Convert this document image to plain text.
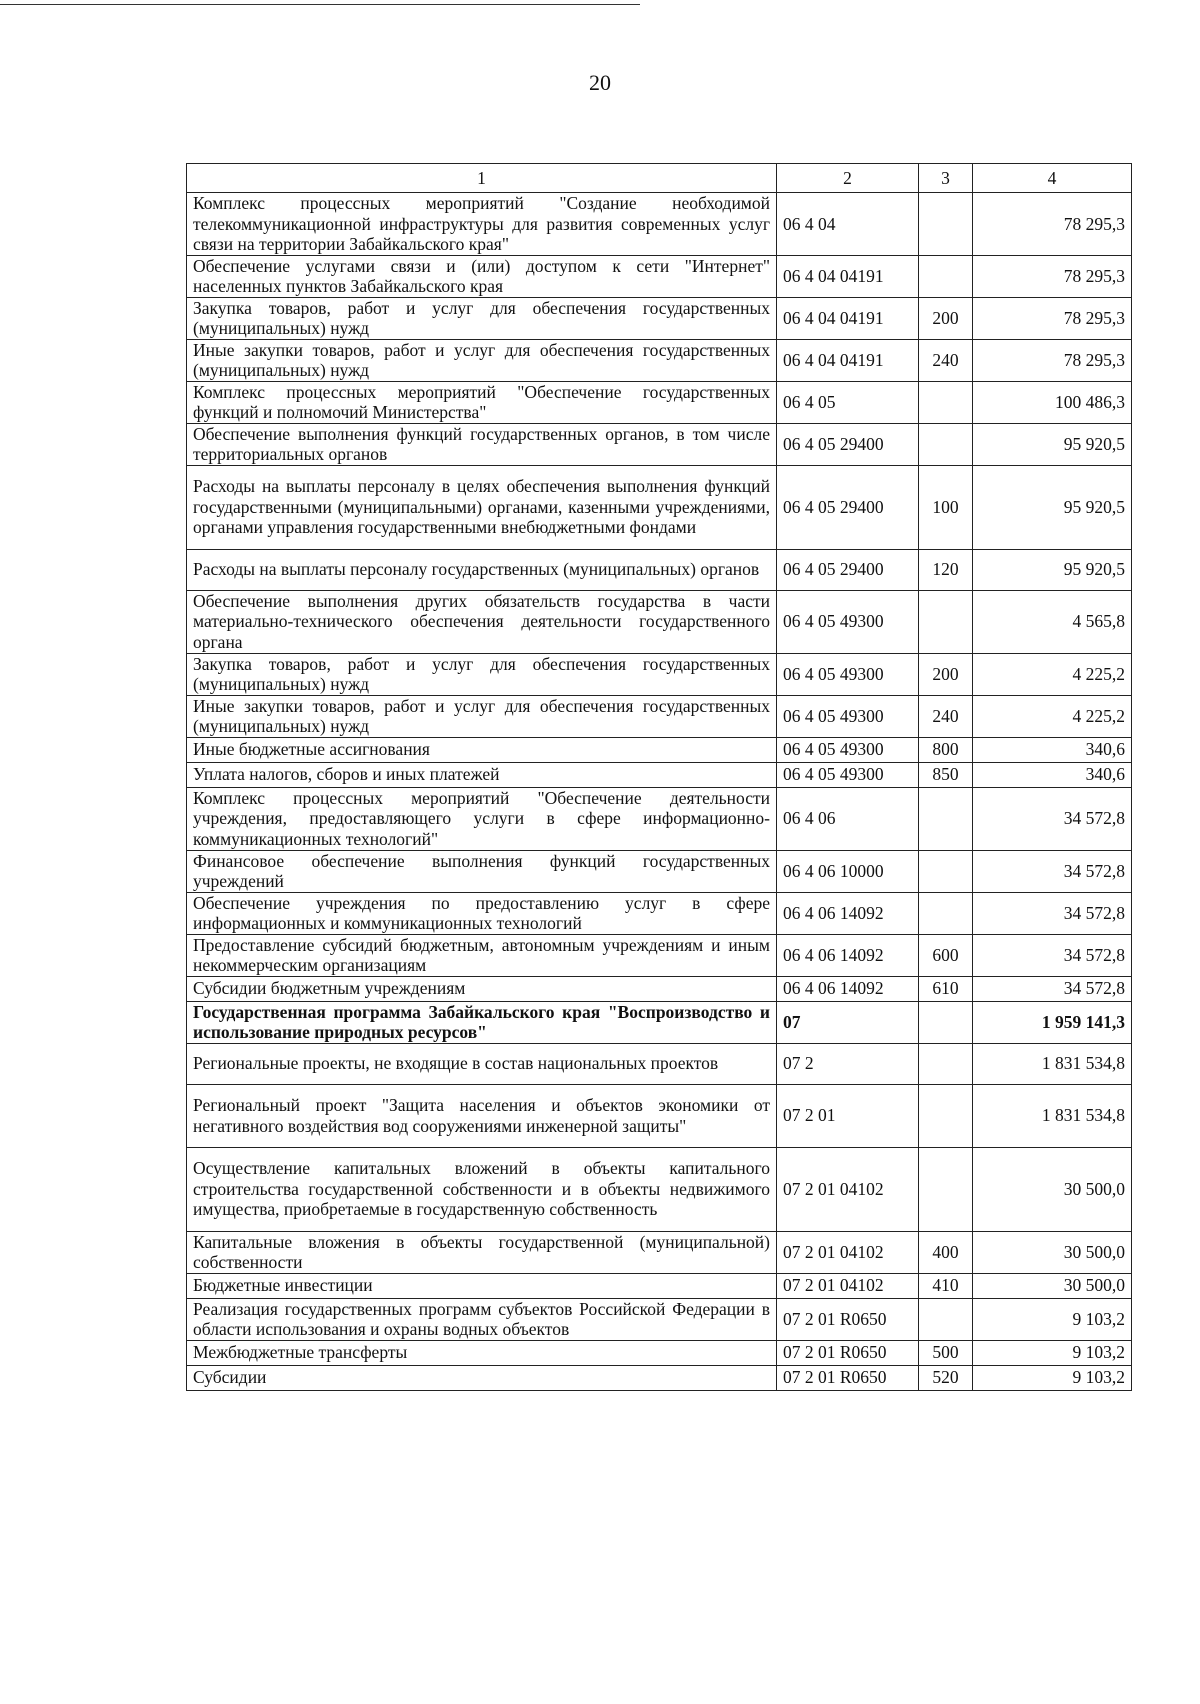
20
1	2	3	4
Комплекс процессных мероприятий "Создание необходимой телекоммуникационной инфраструктуры для развития современных услуг связи на территории Забайкальского края"	06 4 04		78 295,3
Обеспечение услугами связи и (или) доступом к сети "Интернет" населенных пунктов Забайкальского края	06 4 04 04191		78 295,3
Закупка товаров, работ и услуг для обеспечения государственных (муниципальных) нужд	06 4 04 04191	200	78 295,3
Иные закупки товаров, работ и услуг для обеспечения государственных (муниципальных) нужд	06 4 04 04191	240	78 295,3
Комплекс процессных мероприятий "Обеспечение государственных функций и полномочий Министерства"	06 4 05		100 486,3
Обеспечение выполнения функций государственных органов, в том числе территориальных органов	06 4 05 29400		95 920,5
Расходы на выплаты персоналу в целях обеспечения выполнения функций государственными (муниципальными) органами, казенными учреждениями, органами управления государственными внебюджетными фондами	06 4 05 29400	100	95 920,5
Расходы на выплаты персоналу государственных (муниципальных) органов	06 4 05 29400	120	95 920,5
Обеспечение выполнения других обязательств государства в части материально-технического обеспечения деятельности государственного органа	06 4 05 49300		4 565,8
Закупка товаров, работ и услуг для обеспечения государственных (муниципальных) нужд	06 4 05 49300	200	4 225,2
Иные закупки товаров, работ и услуг для обеспечения государственных (муниципальных) нужд	06 4 05 49300	240	4 225,2
Иные бюджетные ассигнования	06 4 05 49300	800	340,6
Уплата налогов, сборов и иных платежей	06 4 05 49300	850	340,6
Комплекс процессных мероприятий "Обеспечение деятельности учреждения, предоставляющего услуги в сфере информационно-коммуникационных технологий"	06 4 06		34 572,8
Финансовое обеспечение выполнения функций государственных учреждений	06 4 06 10000		34 572,8
Обеспечение учреждения по предоставлению услуг в сфере информационных и коммуникационных технологий	06 4 06 14092		34 572,8
Предоставление субсидий бюджетным, автономным учреждениям и иным некоммерческим организациям	06 4 06 14092	600	34 572,8
Субсидии бюджетным учреждениям	06 4 06 14092	610	34 572,8
Государственная программа Забайкальского края "Воспроизводство и использование природных ресурсов"	07		1 959 141,3
Региональные проекты, не входящие в состав национальных проектов	07 2		1 831 534,8
Региональный проект "Защита населения и объектов экономики от негативного воздействия вод сооружениями инженерной защиты"	07 2 01		1 831 534,8
Осуществление капитальных вложений в объекты капитального строительства государственной собственности и в объекты недвижимого имущества, приобретаемые в государственную собственность	07 2 01 04102		30 500,0
Капитальные вложения в объекты государственной (муниципальной) собственности	07 2 01 04102	400	30 500,0
Бюджетные инвестиции	07 2 01 04102	410	30 500,0
Реализация государственных программ субъектов Российской Федерации в области использования и охраны водных объектов	07 2 01 R0650		9 103,2
Межбюджетные трансферты	07 2 01 R0650	500	9 103,2
Субсидии	07 2 01 R0650	520	9 103,2
